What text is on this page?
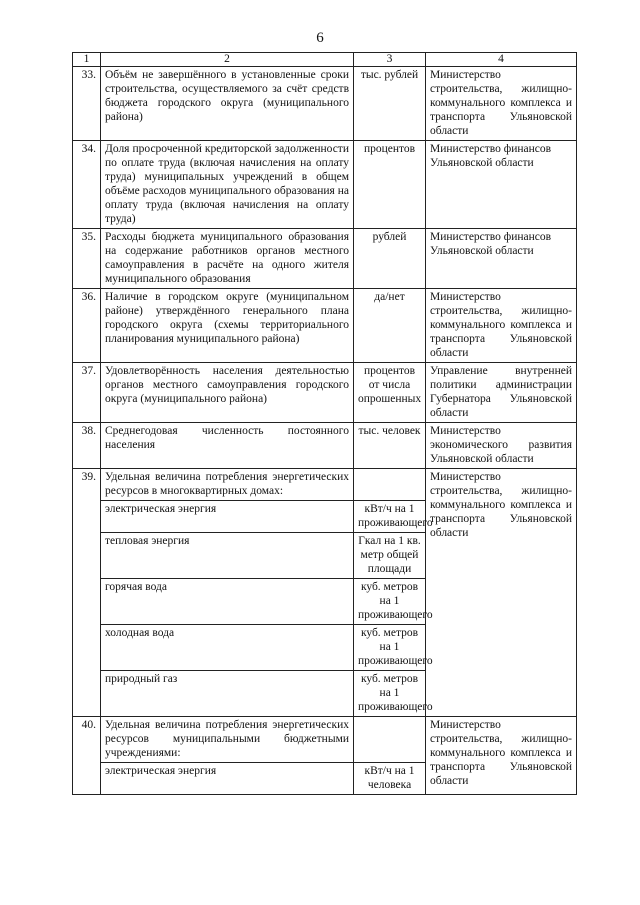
6
1	2	3	4
33.	Объём не завершённого в установленные сроки строительства, осуществляемого за счёт средств бюджета городского округа (муниципального района)	тыс. рублей	Министерство строительства, жилищно-коммунального комплекса и транспорта Ульяновской области
34.	Доля просроченной кредиторской задолженности по оплате труда (включая начисления на оплату труда) муниципальных учреждений в общем объёме расходов муниципального образования на оплату труда (включая начисления на оплату труда)	процентов	Министерство финансов Ульяновской области
35.	Расходы бюджета муниципального образования на содержание работников органов местного самоуправления в расчёте на одного жителя муниципального образования	рублей	Министерство финансов Ульяновской области
36.	Наличие в городском округе (муниципальном районе) утверждённого генерального плана городского округа (схемы территориального планирования муниципального района)	да/нет	Министерство строительства, жилищно-коммунального комплекса и транспорта Ульяновской области
37.	Удовлетворённость населения деятельностью органов местного самоуправления городского округа (муниципального района)	процентов от числа опрошенных	Управление внутренней политики администрации Губернатора Ульяновской области
38.	Среднегодовая численность постоянного населения	тыс. человек	Министерство экономического развития Ульяновской области
39.	Удельная величина потребления энергетических ресурсов в многоквартирных домах:		Министерство строительства, жилищно-коммунального комплекса и транспорта Ульяновской области
	электрическая энергия	кВт/ч на 1 проживающего	
	тепловая энергия	Гкал на 1 кв. метр общей площади	
	горячая вода	куб. метров на 1 проживающего	
	холодная вода	куб. метров на 1 проживающего	
	природный газ	куб. метров на 1 проживающего	
40.	Удельная величина потребления энергетических ресурсов муниципальными бюджетными учреждениями:		Министерство строительства, жилищно-коммунального комплекса и транспорта Ульяновской области
	электрическая энергия	кВт/ч на 1 человека	
